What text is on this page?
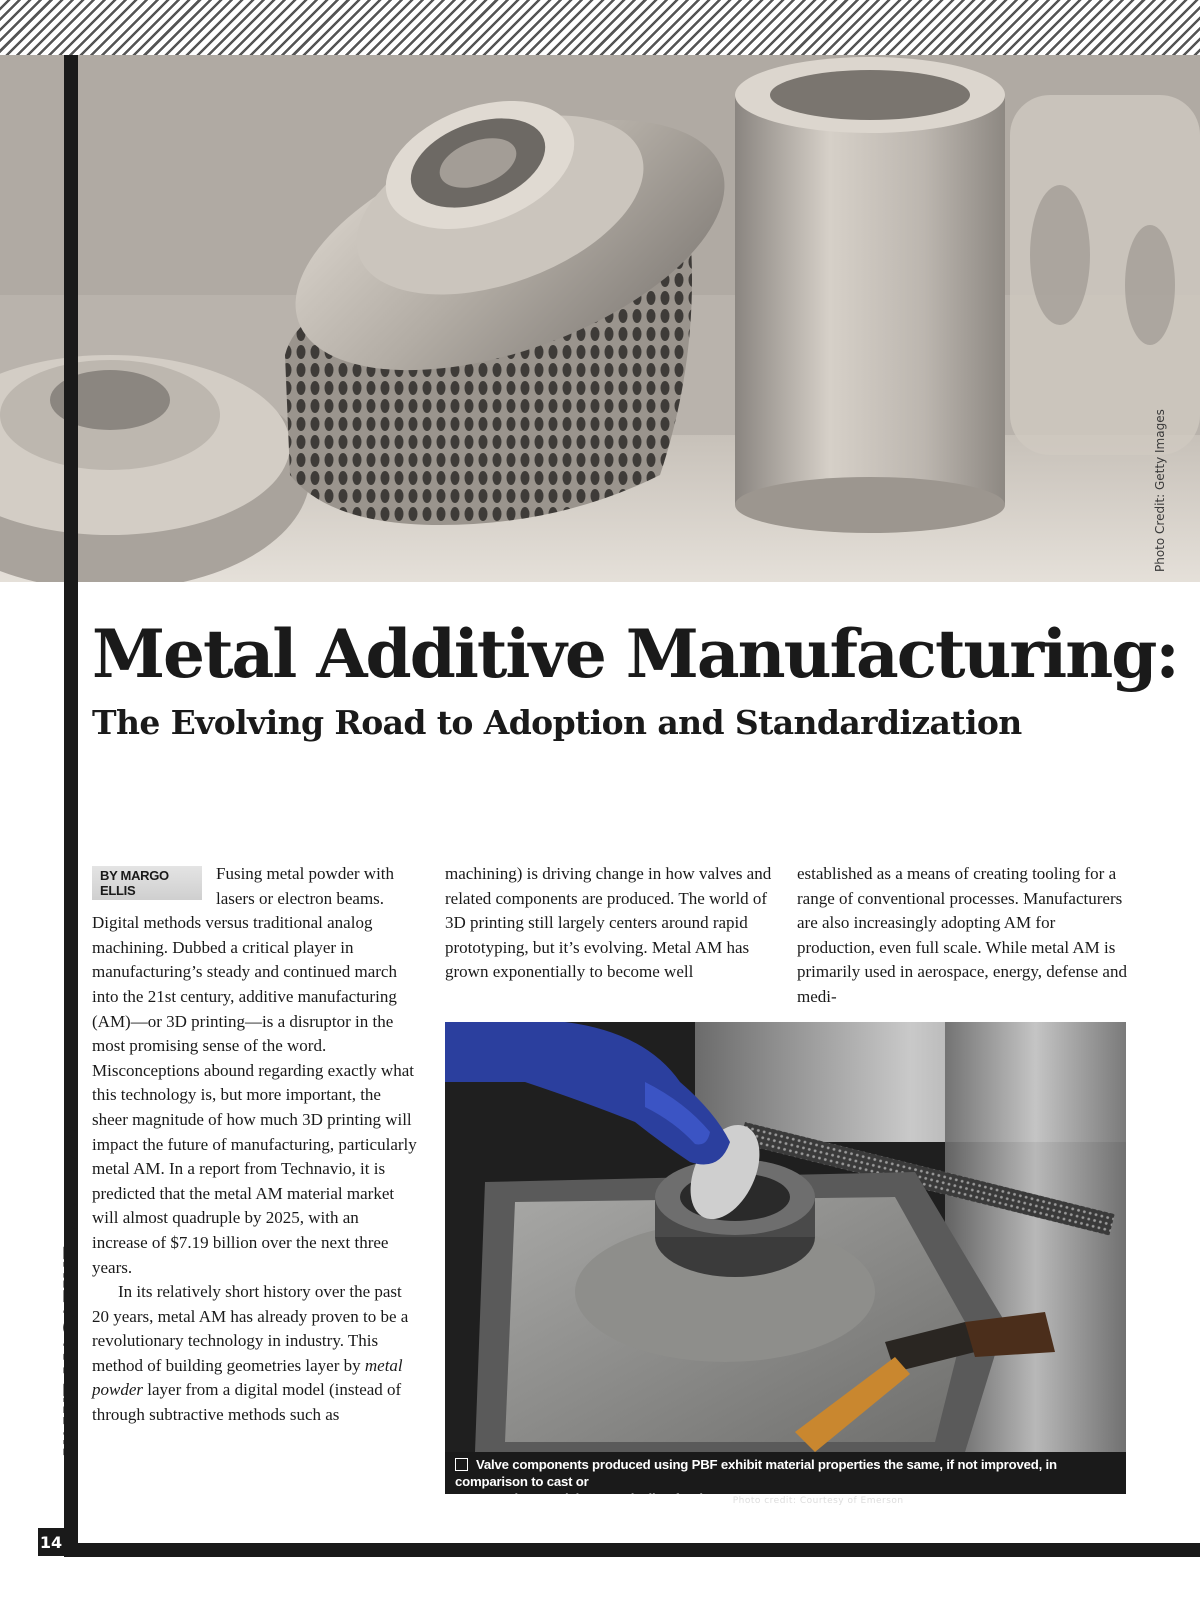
Photo Credit: Getty Images
14
VALVE MAGAZINEWINTER 2022
Metal Additive Manufacturing:
The Evolving Road to Adoption and Standardization
BY MARGO ELLIS

Fusing metal powder with lasers or electron beams. Digital methods versus traditional analog machining. Dubbed a critical player in manufacturing’s steady and continued march into the 21st century, additive manufacturing (AM)—or 3D printing—is a disruptor in the most promising sense of the word. Misconceptions abound regarding exactly what this technology is, but more important, the sheer magnitude of how much 3D printing will impact the future of manufacturing, particularly metal AM. In a report from Technavio, it is predicted that the metal AM material market will almost quadruple by 2025, with an increase of $7.19 billion over the next three years.

In its relatively short history over the past 20 years, metal AM has already proven to be a revolutionary technology in industry. This method of building geometries layer by metal powder layer from a digital model (instead of through subtractive methods such as

machining) is driving change in how valves and related components are produced. The world of 3D printing still largely centers around rapid prototyping, but it’s evolving. Metal AM has grown exponentially to become well

established as a means of creating tooling for a range of conventional processes. Manufacturers are also increasingly adopting AM for production, even full scale. While metal AM is primarily used in aerospace, energy, defense and medi-

Valve components produced using PBF exhibit material properties the same, if not improved, in comparison to cast or
wrought materials, even rivaling forgings. Photo credit: Courtesy of Emerson
